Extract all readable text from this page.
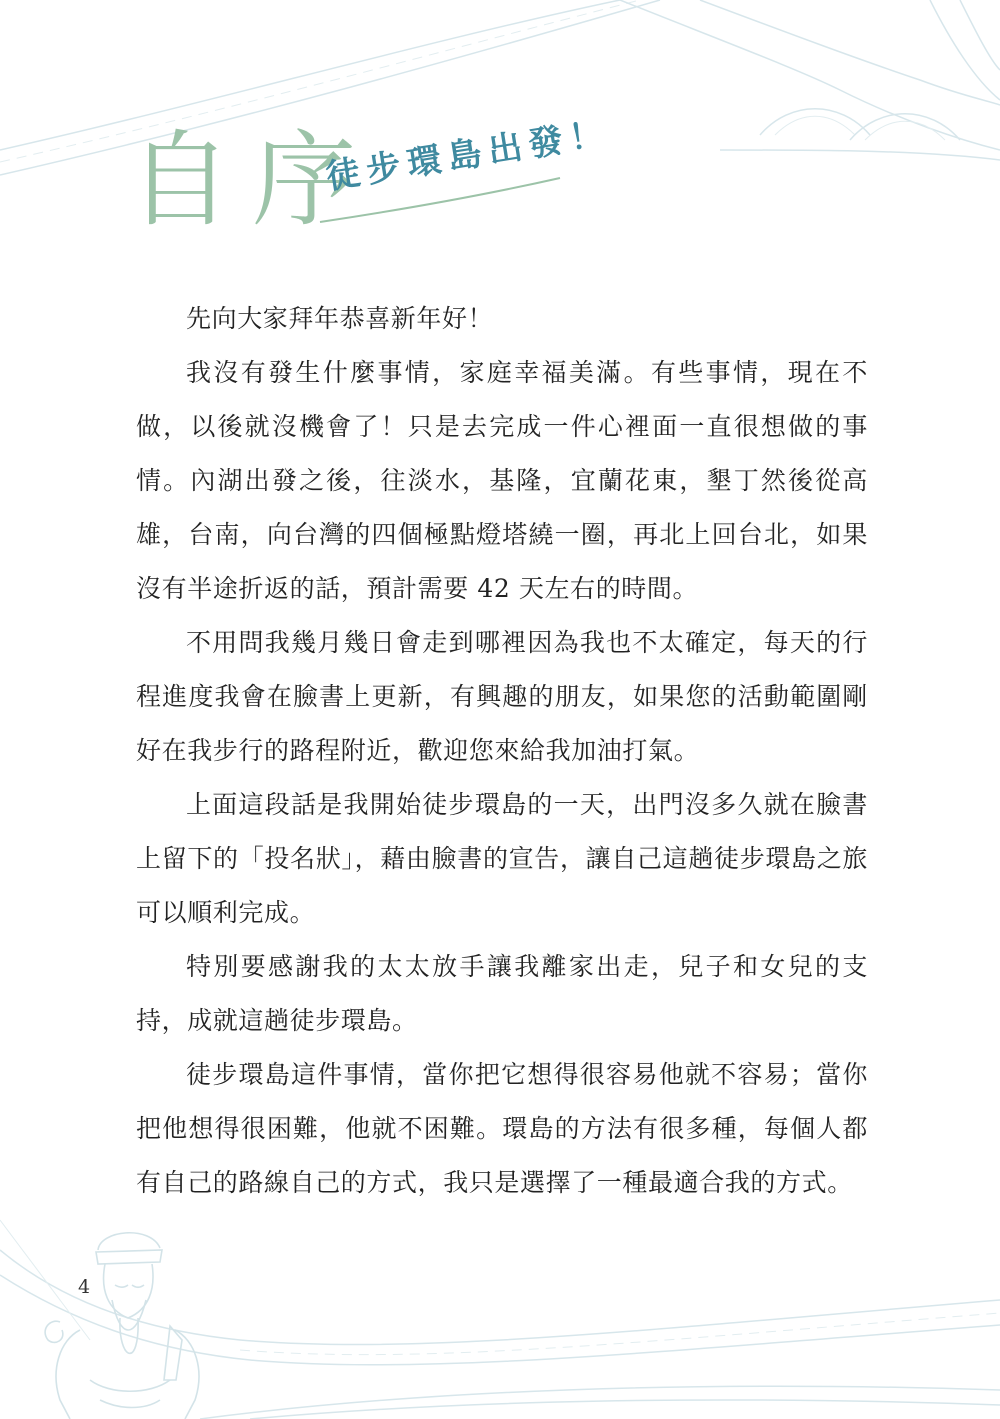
自序
徒步環島出發！

先向大家拜年恭喜新年好！

我沒有發生什麼事情，家庭幸福美滿。有些事情，現在不做，以後就沒機會了！只是去完成一件心裡面一直很想做的事情。內湖出發之後，往淡水，基隆，宜蘭花東，墾丁然後從高雄，台南，向台灣的四個極點燈塔繞一圈，再北上回台北，如果沒有半途折返的話，預計需要 42 天左右的時間。

不用問我幾月幾日會走到哪裡因為我也不太確定，每天的行程進度我會在臉書上更新，有興趣的朋友，如果您的活動範圍剛好在我步行的路程附近，歡迎您來給我加油打氣。

上面這段話是我開始徒步環島的一天，出門沒多久就在臉書上留下的「投名狀」，藉由臉書的宣告，讓自己這趟徒步環島之旅可以順利完成。

特別要感謝我的太太放手讓我離家出走，兒子和女兒的支持，成就這趟徒步環島。

徒步環島這件事情，當你把它想得很容易他就不容易；當你把他想得很困難，他就不困難。環島的方法有很多種，每個人都有自己的路線自己的方式，我只是選擇了一種最適合我的方式。

4
